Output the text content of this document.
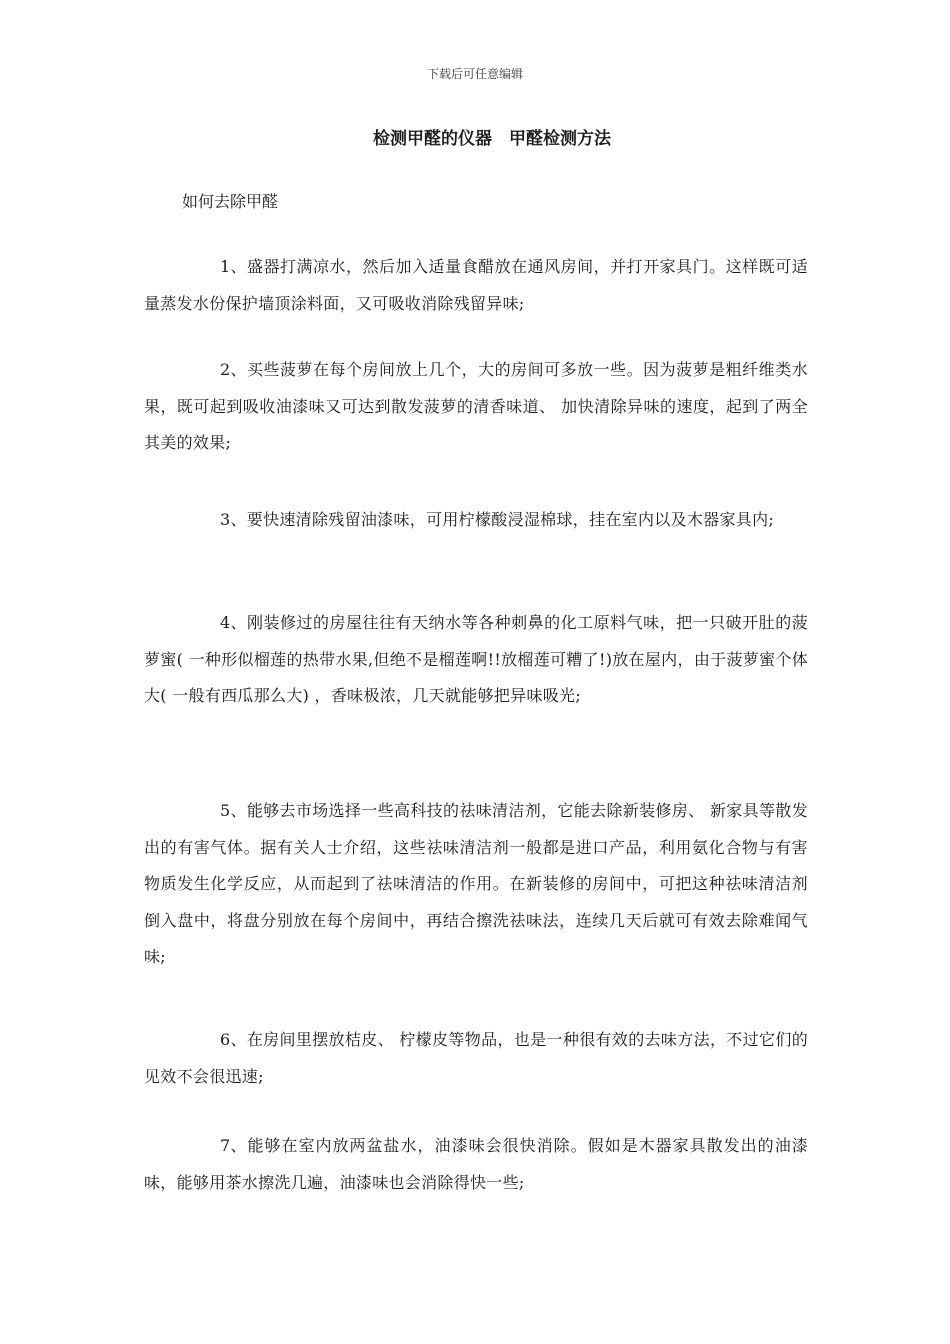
下载后可任意编辑
检测甲醛的仪器　甲醛检测方法
如何去除甲醛

1、盛器打满凉水，然后加入适量食醋放在通风房间，并打开家具门。这样既可适量蒸发水份保护墙顶涂料面，又可吸收消除残留异味;

2、买些菠萝在每个房间放上几个，大的房间可多放一些。因为菠萝是粗纤维类水果，既可起到吸收油漆味又可达到散发菠萝的清香味道、 加快清除异味的速度，起到了两全其美的效果;

3、要快速清除残留油漆味，可用柠檬酸浸湿棉球，挂在室内以及木器家具内;

4、刚装修过的房屋往往有天纳水等各种刺鼻的化工原料气味，把一只破开肚的菠萝蜜( 一种形似榴莲的热带水果,但绝不是榴莲啊!!放榴莲可糟了!)放在屋内，由于菠萝蜜个体大( 一般有西瓜那么大) ，香味极浓，几天就能够把异味吸光;

5、能够去市场选择一些高科技的祛味清洁剂，它能去除新装修房、 新家具等散发出的有害气体。据有关人士介绍，这些祛味清洁剂一般都是进口产品，利用氨化合物与有害物质发生化学反应，从而起到了祛味清洁的作用。在新装修的房间中，可把这种祛味清洁剂倒入盘中，将盘分别放在每个房间中，再结合擦洗祛味法，连续几天后就可有效去除难闻气味;

6、在房间里摆放桔皮、 柠檬皮等物品，也是一种很有效的去味方法，不过它们的见效不会很迅速;

7、能够在室内放两盆盐水，油漆味会很快消除。假如是木器家具散发出的油漆味，能够用茶水擦洗几遍，油漆味也会消除得快一些;
